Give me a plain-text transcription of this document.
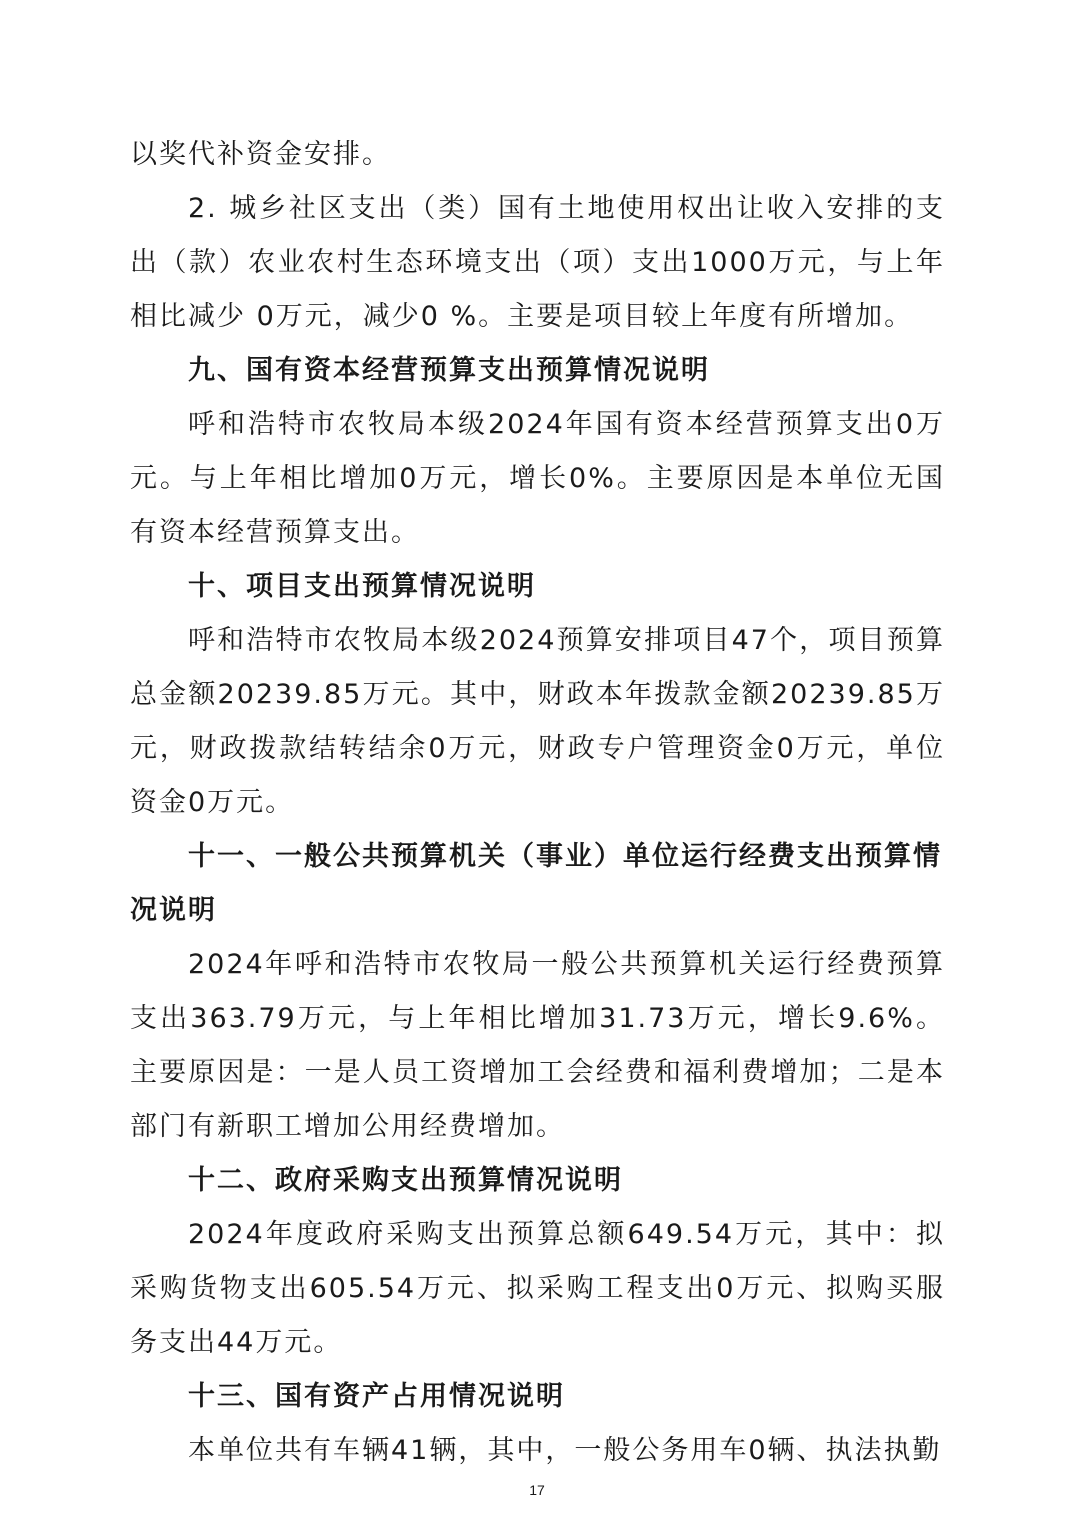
以奖代补资金安排。

2. 城乡社区支出（类）国有土地使用权出让收入安排的支出（款）农业农村生态环境支出（项）支出1000万元，与上年相比减少 0万元，减少0 %。主要是项目较上年度有所增加。

九、国有资本经营预算支出预算情况说明

呼和浩特市农牧局本级2024年国有资本经营预算支出0万元。与上年相比增加0万元，增长0%。主要原因是本单位无国有资本经营预算支出。

十、项目支出预算情况说明

呼和浩特市农牧局本级2024预算安排项目47个，项目预算总金额20239.85万元。其中，财政本年拨款金额20239.85万元，财政拨款结转结余0万元，财政专户管理资金0万元，单位资金0万元。

十一、一般公共预算机关（事业）单位运行经费支出预算情况说明

2024年呼和浩特市农牧局一般公共预算机关运行经费预算支出363.79万元，与上年相比增加31.73万元，增长9.6%。主要原因是：一是人员工资增加工会经费和福利费增加；二是本部门有新职工增加公用经费增加。

十二、政府采购支出预算情况说明

2024年度政府采购支出预算总额649.54万元，其中：拟采购货物支出605.54万元、拟采购工程支出0万元、拟购买服务支出44万元。

十三、国有资产占用情况说明

本单位共有车辆41辆，其中，一般公务用车0辆、执法执勤

17
